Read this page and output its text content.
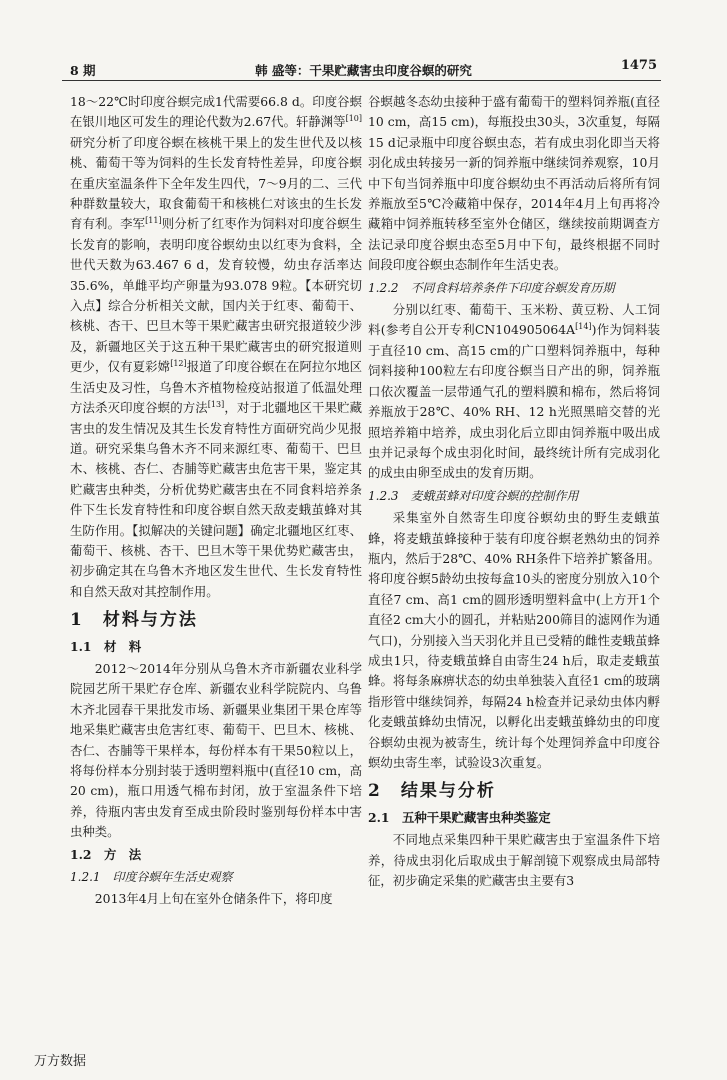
8 期	韩 盛等：干果贮藏害虫印度谷螟的研究	1475

18～22℃时印度谷螟完成1代需要66.8 d。印度谷螟在银川地区可发生的理论代数为2.67代。轩静渊等[10]研究分析了印度谷螟在核桃干果上的发生世代及以核桃、葡萄干等为饲料的生长发育特性差异，印度谷螟在重庆室温条件下全年发生四代，7～9月的二、三代种群数量较大，取食葡萄干和核桃仁对该虫的生长发育有利。李军[11]则分析了红枣作为饲料对印度谷螟生长发育的影响，表明印度谷螟幼虫以红枣为食料，全世代天数为63.467 6 d，发育较慢，幼虫存活率达35.6%，单雌平均产卵量为93.078 9粒。【本研究切入点】综合分析相关文献，国内关于红枣、葡萄干、核桃、杏干、巴旦木等干果贮藏害虫研究报道较少涉及，新疆地区关于这五种干果贮藏害虫的研究报道则更少，仅有夏彩嫦[12]报道了印度谷螟在在阿拉尔地区生活史及习性，乌鲁木齐植物检疫站报道了低温处理方法杀灭印度谷螟的方法[13]，对于北疆地区干果贮藏害虫的发生情况及其生长发育特性方面研究尚少见报道。研究采集乌鲁木齐不同来源红枣、葡萄干、巴旦木、核桃、杏仁、杏脯等贮藏害虫危害干果，鉴定其贮藏害虫种类，分析优势贮藏害虫在不同食料培养条件下生长发育特性和印度谷螟自然天敌麦蛾茧蜂对其生防作用。【拟解决的关键问题】确定北疆地区红枣、葡萄干、核桃、杏干、巴旦木等干果优势贮藏害虫，初步确定其在乌鲁木齐地区发生世代、生长发育特性和自然天敌对其控制作用。

1　材料与方法
1.1　材　料

2012～2014年分别从乌鲁木齐市新疆农业科学院园艺所干果贮存仓库、新疆农业科学院院内、乌鲁木齐北园春干果批发市场、新疆果业集团干果仓库等地采集贮藏害虫危害红枣、葡萄干、巴旦木、核桃、杏仁、杏脯等干果样本，每份样本有干果50粒以上，将每份样本分别封装于透明塑料瓶中(直径10 cm，高20 cm)，瓶口用透气棉布封闭，放于室温条件下培养，待瓶内害虫发育至成虫阶段时鉴别每份样本中害虫种类。

1.2　方　法
1.2.1　印度谷螟年生活史观察

2013年4月上旬在室外仓储条件下，将印度

谷螟越冬态幼虫接种于盛有葡萄干的塑料饲养瓶(直径10 cm，高15 cm)，每瓶投虫30头，3次重复，每隔15 d记录瓶中印度谷螟虫态，若有成虫羽化即当天将羽化成虫转接另一新的饲养瓶中继续饲养观察，10月中下旬当饲养瓶中印度谷螟幼虫不再活动后将所有饲养瓶放至5℃冷藏箱中保存，2014年4月上旬再将冷藏箱中饲养瓶转移至室外仓储区，继续按前期调查方法记录印度谷螟虫态至5月中下旬，最终根据不同时间段印度谷螟虫态制作年生活史表。

1.2.2　不同食料培养条件下印度谷螟发育历期

分别以红枣、葡萄干、玉米粉、黄豆粉、人工饲料(参考自公开专利CN104905064A[14])作为饲料装于直径10 cm、高15 cm的广口塑料饲养瓶中，每种饲料接种100粒左右印度谷螟当日产出的卵，饲养瓶口依次覆盖一层带通气孔的塑料膜和棉布，然后将饲养瓶放于28℃、40% RH、12 h光照黑暗交替的光照培养箱中培养，成虫羽化后立即由饲养瓶中吸出成虫并记录每个成虫羽化时间，最终统计所有完成羽化的成虫由卵至成虫的发育历期。

1.2.3　麦蛾茧蜂对印度谷螟的控制作用

采集室外自然寄生印度谷螟幼虫的野生麦蛾茧蜂，将麦蛾茧蜂接种于装有印度谷螟老熟幼虫的饲养瓶内，然后于28℃、40% RH条件下培养扩繁备用。将印度谷螟5龄幼虫按每盒10头的密度分别放入10个直径7 cm、高1 cm的圆形透明塑料盒中(上方开1个直径2 cm大小的圆孔，并粘贴200筛目的滤网作为通气口)，分别接入当天羽化并且已受精的雌性麦蛾茧蜂成虫1只，待麦蛾茧蜂自由寄生24 h后，取走麦蛾茧蜂。将每条麻痹状态的幼虫单独装入直径1 cm的玻璃指形管中继续饲养，每隔24 h检查并记录幼虫体内孵化麦蛾茧蜂幼虫情况，以孵化出麦蛾茧蜂幼虫的印度谷螟幼虫视为被寄生，统计每个处理饲养盒中印度谷螟幼虫寄生率，试验设3次重复。

2　结果与分析
2.1　五种干果贮藏害虫种类鉴定

不同地点采集四种干果贮藏害虫于室温条件下培养，待成虫羽化后取成虫于解剖镜下观察成虫局部特征，初步确定采集的贮藏害虫主要有3

万方数据
